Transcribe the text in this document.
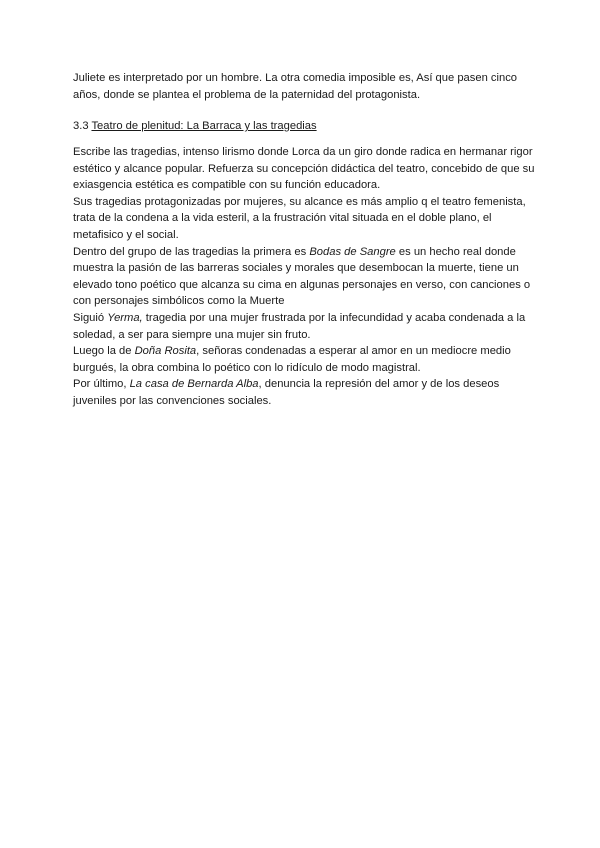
Juliete es interpretado por un hombre. La otra comedia imposible es, Así que pasen cinco

años, donde se plantea el problema de la paternidad del protagonista.

3.3 Teatro de plenitud: La Barraca y las tragedias

Escribe las tragedias, intenso lirismo donde Lorca da un giro donde radica en hermanar rigor estético y alcance popular. Refuerza su concepción didáctica del teatro, concebido de que su exiasgencia estética es compatible con su función educadora.

Sus tragedias protagonizadas por mujeres, su alcance es más amplio q el teatro femenista, trata de la condena a la vida esteril, a la frustración vital situada en el doble plano, el metafisico y el social.

Dentro del grupo de las tragedias la primera es Bodas de Sangre es un hecho real donde muestra la pasión de las barreras sociales y morales que desembocan la muerte, tiene un elevado tono poético que alcanza su cima en algunas personajes en verso, con canciones o con personajes simbólicos como la Muerte

Siguió Yerma, tragedia por una mujer frustrada por la infecundidad y acaba condenada a la soledad, a ser para siempre una mujer sin fruto.

Luego la de Doña Rosita, señoras condenadas a esperar al amor en un mediocre medio burgués, la obra combina lo poético con lo ridículo de modo magistral.

Por último, La casa de Bernarda Alba, denuncia la represión del amor y de los deseos juveniles por las convenciones sociales.
